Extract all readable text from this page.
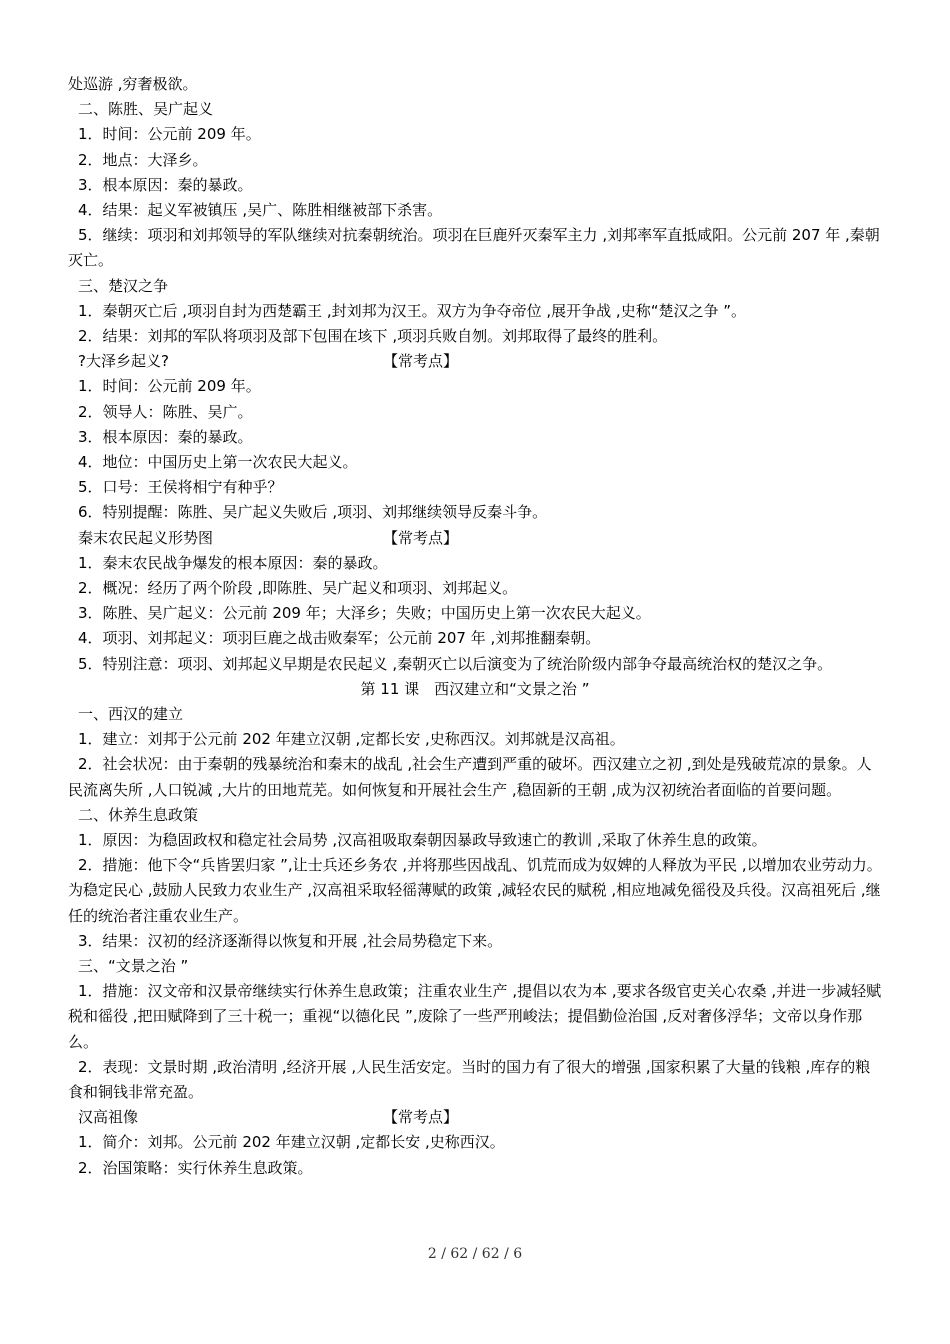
处巡游 ,穷奢极欲。
二、陈胜、吴广起义
1．时间：公元前 209 年。
2．地点：大泽乡。
3．根本原因：秦的暴政。
4．结果：起义军被镇压 ,吴广、陈胜相继被部下杀害。
5．继续：项羽和刘邦领导的军队继续对抗秦朝统治。项羽在巨鹿歼灭秦军主力 ,刘邦率军直抵咸阳。公元前 207 年 ,秦朝灭亡。
三、楚汉之争
1．秦朝灭亡后 ,项羽自封为西楚霸王 ,封刘邦为汉王。双方为争夺帝位 ,展开争战 ,史称“楚汉之争 ”。
2．结果：刘邦的军队将项羽及部下包围在垓下 ,项羽兵败自刎。刘邦取得了最终的胜利。
?大泽乡起义?	【常考点】
1．时间：公元前 209 年。
2．领导人：陈胜、吴广。
3．根本原因：秦的暴政。
4．地位：中国历史上第一次农民大起义。
5．口号：王侯将相宁有种乎？
6．特别提醒：陈胜、吴广起义失败后 ,项羽、刘邦继续领导反秦斗争。
秦末农民起义形势图	【常考点】
1．秦末农民战争爆发的根本原因：秦的暴政。
2．概况：经历了两个阶段 ,即陈胜、吴广起义和项羽、刘邦起义。
3．陈胜、吴广起义：公元前 209 年；大泽乡；失败；中国历史上第一次农民大起义。
4．项羽、刘邦起义：项羽巨鹿之战击败秦军；公元前 207 年 ,刘邦推翻秦朝。
5．特别注意：项羽、刘邦起义早期是农民起义 ,秦朝灭亡以后演变为了统治阶级内部争夺最高统治权的楚汉之争。
第 11 课　西汉建立和“文景之治 ”
一、西汉的建立
1．建立：刘邦于公元前 202 年建立汉朝 ,定都长安 ,史称西汉。刘邦就是汉高祖。
2．社会状况：由于秦朝的残暴统治和秦末的战乱 ,社会生产遭到严重的破坏。西汉建立之初 ,到处是残破荒凉的景象。人民流离失所 ,人口锐减 ,大片的田地荒芜。如何恢复和开展社会生产 ,稳固新的王朝 ,成为汉初统治者面临的首要问题。
二、休养生息政策
1．原因：为稳固政权和稳定社会局势 ,汉高祖吸取秦朝因暴政导致速亡的教训 ,采取了休养生息的政策。
2．措施：他下令“兵皆罢归家 ”,让士兵还乡务农 ,并将那些因战乱、饥荒而成为奴婢的人释放为平民 ,以增加农业劳动力。为稳定民心 ,鼓励人民致力农业生产 ,汉高祖采取轻徭薄赋的政策 ,减轻农民的赋税 ,相应地减免徭役及兵役。汉高祖死后 ,继任的统治者注重农业生产。
3．结果：汉初的经济逐渐得以恢复和开展 ,社会局势稳定下来。
三、“文景之治 ”
1．措施：汉文帝和汉景帝继续实行休养生息政策；注重农业生产 ,提倡以农为本 ,要求各级官吏关心农桑 ,并进一步减轻赋税和徭役 ,把田赋降到了三十税一；重视“以德化民 ”,废除了一些严刑峻法；提倡勤俭治国 ,反对奢侈浮华；文帝以身作那么。
2．表现：文景时期 ,政治清明 ,经济开展 ,人民生活安定。当时的国力有了很大的增强 ,国家积累了大量的钱粮 ,库存的粮食和铜钱非常充盈。
汉高祖像	【常考点】
1．简介：刘邦。公元前 202 年建立汉朝 ,定都长安 ,史称西汉。
2．治国策略：实行休养生息政策。
2 / 62 / 62 / 6
